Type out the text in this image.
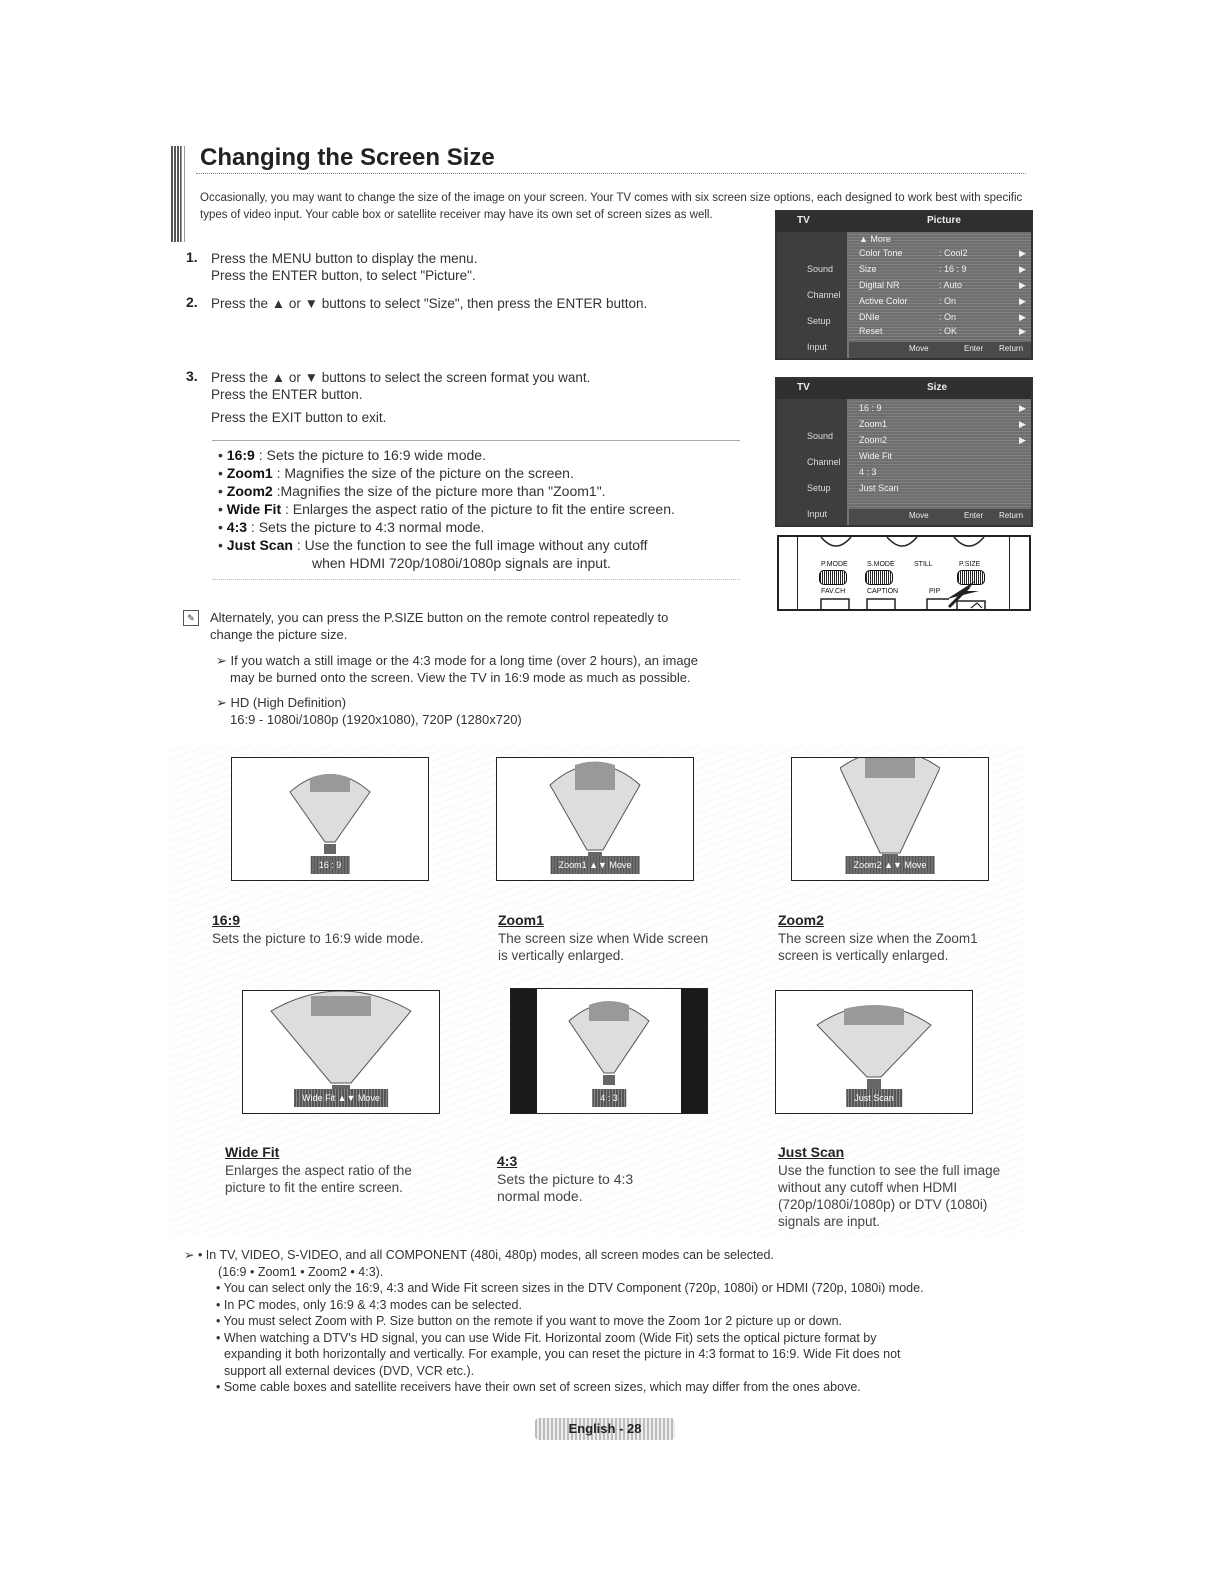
Changing the Screen Size
Occasionally, you may want to change the size of the image on your screen. Your TV comes with six screen size options, each designed to work best with specific types of video input. Your cable box or satellite receiver may have its own set of screen sizes as well.
1. Press the MENU button to display the menu.
Press the ENTER button, to select "Picture".
2. Press the ▲ or ▼ buttons to select "Size", then press the ENTER button.
3. Press the ▲ or ▼ buttons to select the screen format you want.
Press the ENTER button.
Press the EXIT button to exit.
• 16:9 : Sets the picture to 16:9 wide mode.
• Zoom1 : Magnifies the size of the picture on the screen.
• Zoom2 :Magnifies the size of the picture more than "Zoom1".
• Wide Fit : Enlarges the aspect ratio of the picture to fit the entire screen.
• 4:3 : Sets the picture to 4:3 normal mode.
• Just Scan : Use the function to see the full image without any cutoff
when HDMI 720p/1080i/1080p signals are input.
TV	Picture
Sound
Channel
Setup
Input
▲ More
Color Tone	: Cool2	▶
Size	: 16 : 9	▶
Digital NR	: Auto	▶
Active Color	: On	▶
DNIe	: On	▶
Reset	: OK	▶
Move	Enter Return
TV	Size
Sound
Channel
Setup
Input
16 : 9	▶
Zoom1	▶
Zoom2	▶
Wide Fit
4 : 3
Just Scan
Move	Enter Return
P.MODE	S.MODE	STILL	P.SIZE
FAV.CH	CAPTION	PIP
✎	Alternately, you can press the P.SIZE button on the remote control repeatedly to
change the picture size.
➢ If you watch a still image or the 4:3 mode for a long time (over 2 hours), an image
may be burned onto the screen. View the TV in 16:9 mode as much as possible.
➢ HD (High Definition)
16:9 - 1080i/1080p (1920x1080), 720P (1280x720)
16 : 9	Zoom1 ▲▼ Move	Zoom2 ▲▼ Move
16:9
Sets the picture to 16:9 wide mode.
Zoom1
The screen size when Wide screen
is vertically enlarged.
Zoom2
The screen size when the Zoom1
screen is vertically enlarged.
Wide Fit ▲▼ Move	4 : 3	Just Scan
Wide Fit
Enlarges the aspect ratio of the
picture to fit the entire screen.
4:3
Sets the picture to 4:3
normal mode.
Just Scan
Use the function to see the full image
without any cutoff when HDMI
(720p/1080i/1080p) or DTV (1080i)
signals are input.
➢ • In TV, VIDEO, S-VIDEO, and all COMPONENT (480i, 480p) modes, all screen modes can be selected.
(16:9 • Zoom1 • Zoom2 • 4:3).
• You can select only the 16:9, 4:3 and Wide Fit screen sizes in the DTV Component (720p, 1080i) or HDMI (720p, 1080i) mode.
• In PC modes, only 16:9 & 4:3 modes can be selected.
• You must select Zoom with P. Size button on the remote if you want to move the Zoom 1or 2 picture up or down.
• When watching a DTV's HD signal, you can use Wide Fit. Horizontal zoom (Wide Fit) sets the optical picture format by
expanding it both horizontally and vertically. For example, you can reset the picture in 4:3 format to 16:9. Wide Fit does not
support all external devices (DVD, VCR etc.).
• Some cable boxes and satellite receivers have their own set of screen sizes, which may differ from the ones above.
English - 28
